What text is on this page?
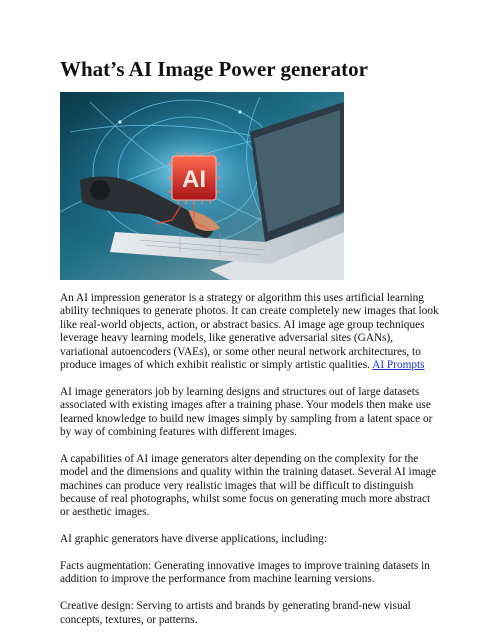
What’s AI Image Power generator
AI

An AI impression generator is a strategy or algorithm this uses artificial learning ability techniques to generate photos. It can create completely new images that look like real-world objects, action, or abstract basics. AI image age group techniques leverage heavy learning models, like generative adversarial sites (GANs), variational autoencoders (VAEs), or some other neural network architectures, to produce images of which exhibit realistic or simply artistic qualities. AI Prompts

AI image generators job by learning designs and structures out of large datasets associated with existing images after a training phase. Your models then make use learned knowledge to build new images simply by sampling from a latent space or by way of combining features with different images.

A capabilities of AI image generators alter depending on the complexity for the model and the dimensions and quality within the training dataset. Several AI image machines can produce very realistic images that will be difficult to distinguish because of real photographs, whilst some focus on generating much more abstract or aesthetic images.

AI graphic generators have diverse applications, including:

Facts augmentation: Generating innovative images to improve training datasets in addition to improve the performance from machine learning versions.

Creative design: Serving to artists and brands by generating brand-new visual concepts, textures, or patterns.
